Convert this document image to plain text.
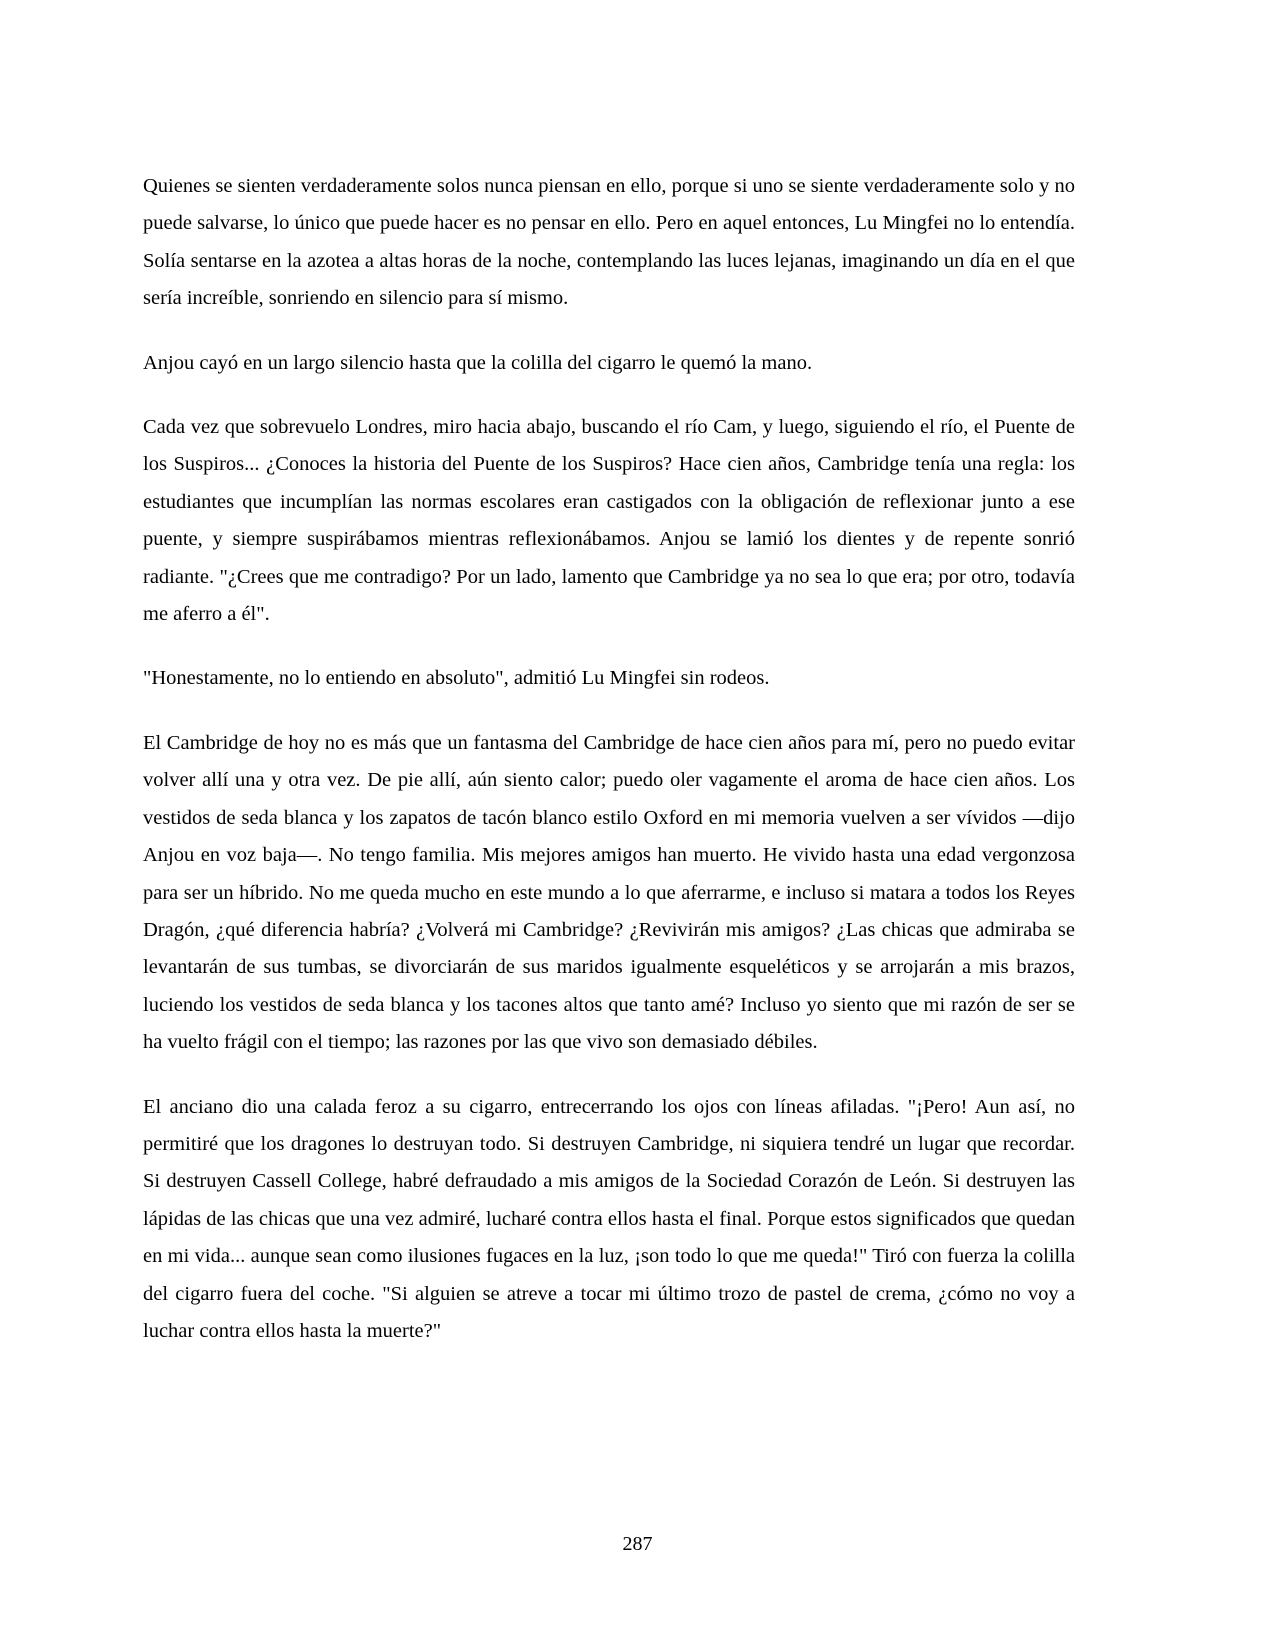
Quienes se sienten verdaderamente solos nunca piensan en ello, porque si uno se siente verdaderamente solo y no puede salvarse, lo único que puede hacer es no pensar en ello. Pero en aquel entonces, Lu Mingfei no lo entendía. Solía sentarse en la azotea a altas horas de la noche, contemplando las luces lejanas, imaginando un día en el que sería increíble, sonriendo en silencio para sí mismo.

Anjou cayó en un largo silencio hasta que la colilla del cigarro le quemó la mano.

Cada vez que sobrevuelo Londres, miro hacia abajo, buscando el río Cam, y luego, siguiendo el río, el Puente de los Suspiros... ¿Conoces la historia del Puente de los Suspiros? Hace cien años, Cambridge tenía una regla: los estudiantes que incumplían las normas escolares eran castigados con la obligación de reflexionar junto a ese puente, y siempre suspirábamos mientras reflexionábamos. Anjou se lamió los dientes y de repente sonrió radiante. "¿Crees que me contradigo? Por un lado, lamento que Cambridge ya no sea lo que era; por otro, todavía me aferro a él".

"Honestamente, no lo entiendo en absoluto", admitió Lu Mingfei sin rodeos.

El Cambridge de hoy no es más que un fantasma del Cambridge de hace cien años para mí, pero no puedo evitar volver allí una y otra vez. De pie allí, aún siento calor; puedo oler vagamente el aroma de hace cien años. Los vestidos de seda blanca y los zapatos de tacón blanco estilo Oxford en mi memoria vuelven a ser vívidos —dijo Anjou en voz baja—. No tengo familia. Mis mejores amigos han muerto. He vivido hasta una edad vergonzosa para ser un híbrido. No me queda mucho en este mundo a lo que aferrarme, e incluso si matara a todos los Reyes Dragón, ¿qué diferencia habría? ¿Volverá mi Cambridge? ¿Revivirán mis amigos? ¿Las chicas que admiraba se levantarán de sus tumbas, se divorciarán de sus maridos igualmente esqueléticos y se arrojarán a mis brazos, luciendo los vestidos de seda blanca y los tacones altos que tanto amé? Incluso yo siento que mi razón de ser se ha vuelto frágil con el tiempo; las razones por las que vivo son demasiado débiles.

El anciano dio una calada feroz a su cigarro, entrecerrando los ojos con líneas afiladas. "¡Pero! Aun así, no permitiré que los dragones lo destruyan todo. Si destruyen Cambridge, ni siquiera tendré un lugar que recordar. Si destruyen Cassell College, habré defraudado a mis amigos de la Sociedad Corazón de León. Si destruyen las lápidas de las chicas que una vez admiré, lucharé contra ellos hasta el final. Porque estos significados que quedan en mi vida... aunque sean como ilusiones fugaces en la luz, ¡son todo lo que me queda!" Tiró con fuerza la colilla del cigarro fuera del coche. "Si alguien se atreve a tocar mi último trozo de pastel de crema, ¿cómo no voy a luchar contra ellos hasta la muerte?"

287
